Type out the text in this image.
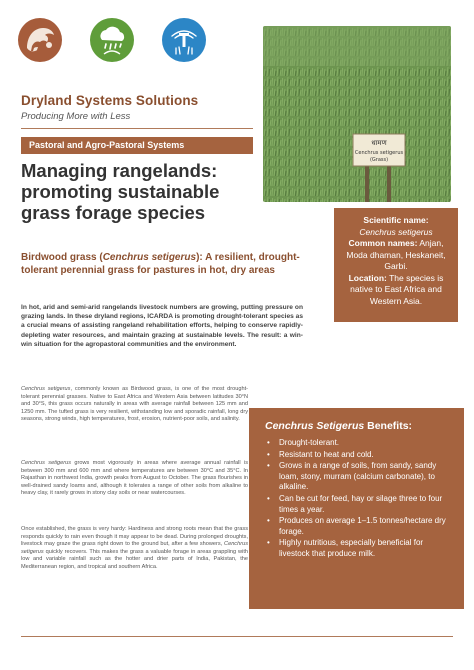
धामण
Cenchrus setigerus
(Grass)
Dryland Systems Solutions
Producing More with Less
Pastoral and Agro-Pastoral Systems
Managing rangelands: promoting sustainable grass forage species	Scientific name:

Cenchrus setigerus

Common names: Anjan, Moda dhaman, Heskaneit, Garbi.

Location: The species is native to East Africa and Western Asia.

Birdwood grass (Cenchrus setigerus): A resilient, drought-tolerant perennial grass for pastures in hot, dry areas
In hot, arid and semi-arid rangelands livestock numbers are growing, putting pressure on grazing lands. In these dryland regions, ICARDA is promoting drought-tolerant species as a crucial means of assisting rangeland rehabilitation efforts, helping to conserve rapidly-depleting water resources, and maintain grazing at sustainable levels. The result: a win-win situation for the agropastoral communities and the environment.
Cenchrus setigerus, commonly known as Birdwood grass, is one of the most drought-tolerant perennial grasses. Native to East Africa and Western Asia between latitudes 30°N and 30°S, this grass occurs naturally in areas with average rainfall between 125 mm and 1250 mm. The tufted grass is very resilient, withstanding low and sporadic rainfall, long dry seasons, strong winds, high temperatures, frost, erosion, nutrient-poor soils, and salinity.
Cenchrus setigerus grows most vigorously in areas where average annual rainfall is between 300 mm and 600 mm and where temperatures are between 30°C and 35°C. In Rajasthan in northwest India, growth peaks from August to October. The grass flourishes in well-drained sandy loams and, although it tolerates a range of other soils from alkaline to heavy clay, it rarely grows in stony clay soils or near watercourses.
Once established, the grass is very hardy: Hardiness and strong roots mean that the grass responds quickly to rain even though it may appear to be dead. During prolonged droughts, livestock may graze the grass right down to the ground but, after a few showers, Cenchrus setigerus quickly recovers. This makes the grass a valuable forage in areas grappling with low and variable rainfall such as the hotter and drier parts of India, Pakistan, the Mediterranean region, and tropical and southern Africa.
Cenchrus Setigerus Benefits:
• Drought-tolerant.
• Resistant to heat and cold.
• Grows in a range of soils, from sandy, sandy loam, stony, murram (calcium carbonate), to alkaline.
• Can be cut for feed, hay or silage three to four times a year.
• Produces on average 1–1.5 tonnes/hectare dry forage.
• Highly nutritious, especially beneficial for livestock that produce milk.
